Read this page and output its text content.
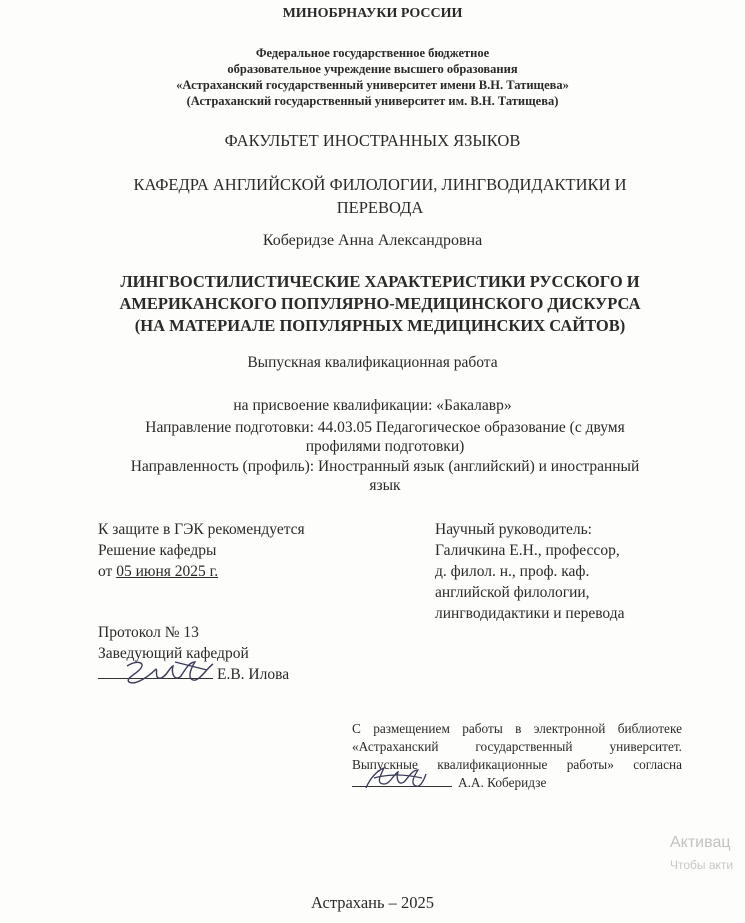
МИНОБРНАУКИ РОССИИ
Федеральное государственное бюджетное
образовательное учреждение высшего образования
«Астраханский государственный университет имени В.Н. Татищева»
(Астраханский государственный университет им. В.Н. Татищева)
ФАКУЛЬТЕТ ИНОСТРАННЫХ ЯЗЫКОВ
КАФЕДРА АНГЛИЙСКОЙ ФИЛОЛОГИИ, ЛИНГВОДИДАКТИКИ И
ПЕРЕВОДА
Коберидзе Анна Александровна
ЛИНГВОСТИЛИСТИЧЕСКИЕ ХАРАКТЕРИСТИКИ РУССКОГО И
АМЕРИКАНСКОГО ПОПУЛЯРНО-МЕДИЦИНСКОГО ДИСКУРСА
(НА МАТЕРИАЛЕ ПОПУЛЯРНЫХ МЕДИЦИНСКИХ САЙТОВ)
Выпускная квалификационная работа
на присвоение квалификации: «Бакалавр»
Направление подготовки: 44.03.05 Педагогическое образование (с двумя
профилями подготовки)
Направленность (профиль): Иностранный язык (английский) и иностранный
язык
К защите в ГЭК рекомендуется
Решение кафедры
от 05 июня 2025 г.
Научный руководитель:
Галичкина Е.Н., профессор,
д. филол. н., проф. каф.
английской филологии,
лингводидактики и перевода
Протокол № 13
Заведующий кафедрой
Е.В. Илова
С размещением работы в электронной библиотеке
«Астраханский государственный университет.
Выпускные квалификационные работы» согласна
А.А. Коберидзе
Активац
Чтобы акти
Астрахань – 2025
